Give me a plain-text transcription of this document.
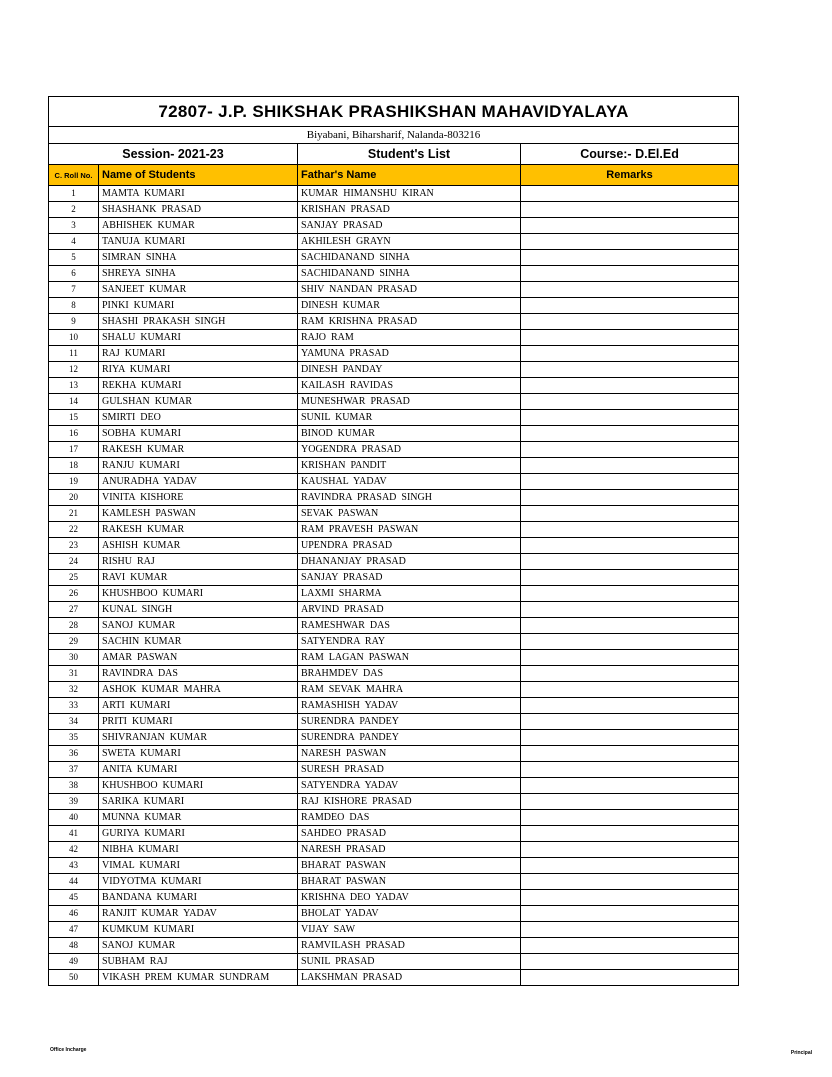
72807- J.P. SHIKSHAK PRASHIKSHAN MAHAVIDYALAYA			
Biyabani, Biharsharif, Nalanda-803216			
Session- 2021-23		Student's List	Course:- D.El.Ed
C. Roll No.	Name of Students	Fathar's Name	Remarks
1	MAMTA KUMARI	KUMAR HIMANSHU KIRAN	
2	SHASHANK PRASAD	KRISHAN PRASAD	
3	ABHISHEK KUMAR	SANJAY PRASAD	
4	TANUJA KUMARI	AKHILESH GRAYN	
5	SIMRAN SINHA	SACHIDANAND SINHA	
6	SHREYA SINHA	SACHIDANAND SINHA	
7	SANJEET KUMAR	SHIV NANDAN PRASAD	
8	PINKI KUMARI	DINESH KUMAR	
9	SHASHI PRAKASH SINGH	RAM KRISHNA PRASAD	
10	SHALU KUMARI	RAJO RAM	
11	RAJ KUMARI	YAMUNA PRASAD	
12	RIYA KUMARI	DINESH PANDAY	
13	REKHA KUMARI	KAILASH RAVIDAS	
14	GULSHAN KUMAR	MUNESHWAR PRASAD	
15	SMIRTI DEO	SUNIL KUMAR	
16	SOBHA KUMARI	BINOD KUMAR	
17	RAKESH KUMAR	YOGENDRA PRASAD	
18	RANJU KUMARI	KRISHAN PANDIT	
19	ANURADHA YADAV	KAUSHAL YADAV	
20	VINITA KISHORE	RAVINDRA PRASAD SINGH	
21	KAMLESH PASWAN	SEVAK PASWAN	
22	RAKESH KUMAR	RAM PRAVESH PASWAN	
23	ASHISH KUMAR	UPENDRA PRASAD	
24	RISHU RAJ	DHANANJAY PRASAD	
25	RAVI KUMAR	SANJAY PRASAD	
26	KHUSHBOO KUMARI	LAXMI SHARMA	
27	KUNAL SINGH	ARVIND PRASAD	
28	SANOJ KUMAR	RAMESHWAR DAS	
29	SACHIN KUMAR	SATYENDRA RAY	
30	AMAR PASWAN	RAM LAGAN PASWAN	
31	RAVINDRA DAS	BRAHMDEV DAS	
32	ASHOK KUMAR MAHRA	RAM SEVAK MAHRA	
33	ARTI KUMARI	RAMASHISH YADAV	
34	PRITI KUMARI	SURENDRA PANDEY	
35	SHIVRANJAN KUMAR	SURENDRA PANDEY	
36	SWETA KUMARI	NARESH PASWAN	
37	ANITA KUMARI	SURESH PRASAD	
38	KHUSHBOO KUMARI	SATYENDRA YADAV	
39	SARIKA KUMARI	RAJ KISHORE PRASAD	
40	MUNNA KUMAR	RAMDEO DAS	
41	GURIYA KUMARI	SAHDEO PRASAD	
42	NIBHA KUMARI	NARESH PRASAD	
43	VIMAL KUMARI	BHARAT PASWAN	
44	VIDYOTMA KUMARI	BHARAT PASWAN	
45	BANDANA KUMARI	KRISHNA DEO YADAV	
46	RANJIT KUMAR YADAV	BHOLAT YADAV	
47	KUMKUM KUMARI	VIJAY SAW	
48	SANOJ KUMAR	RAMVILASH PRASAD	
49	SUBHAM RAJ	SUNIL PRASAD	
50	VIKASH PREM KUMAR SUNDRAM	LAKSHMAN PRASAD	
Office Incharge	Principal
